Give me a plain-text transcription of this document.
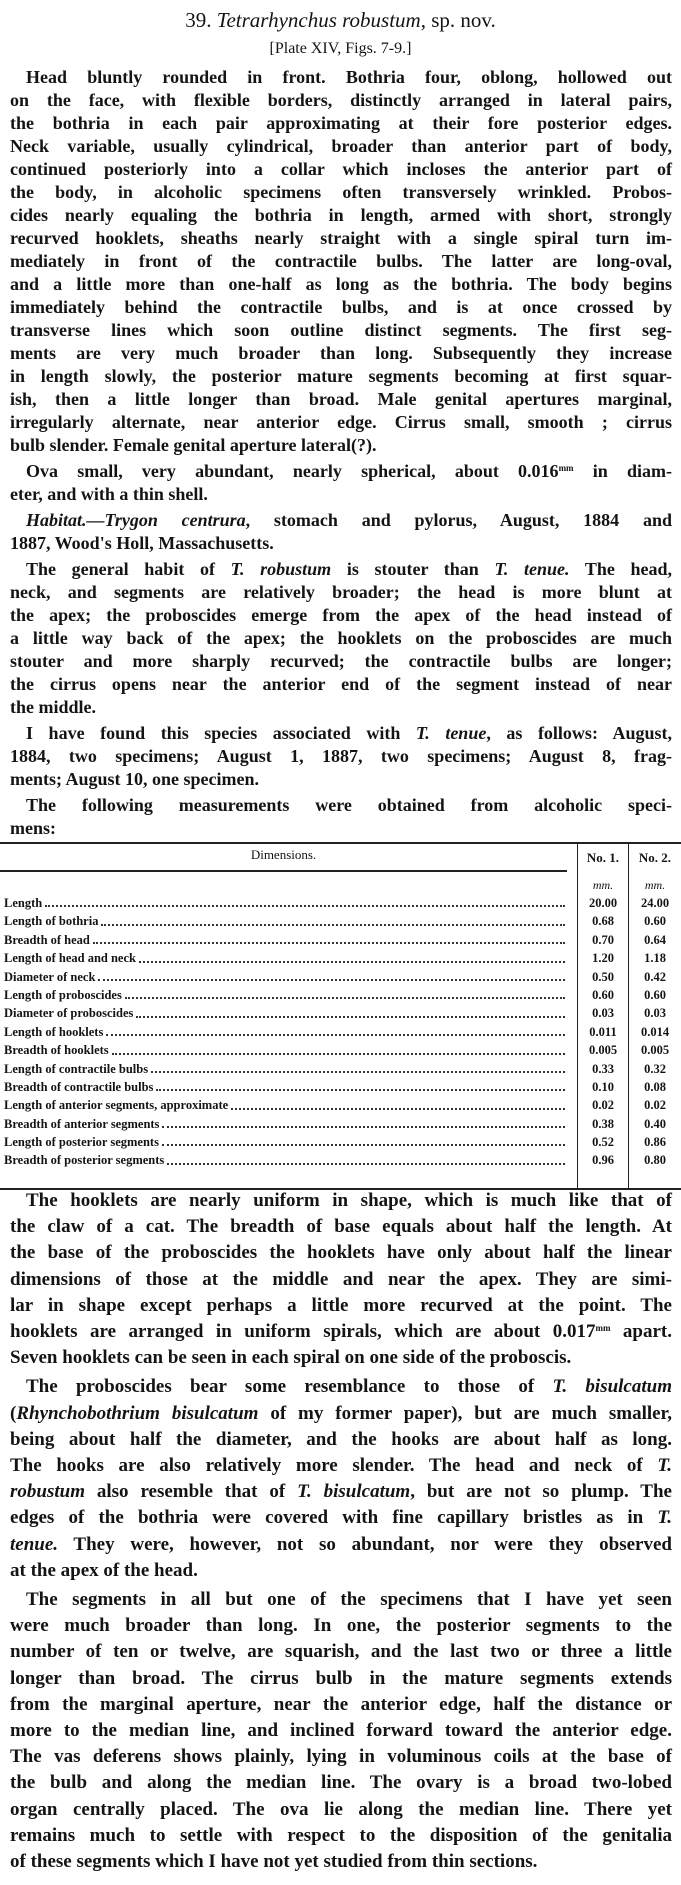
39. Tetrarhynchus robustum, sp. nov.
[Plate XIV, Figs. 7-9.]
Head bluntly rounded in front. Bothria four, oblong, hollowed out
on the face, with flexible borders, distinctly arranged in lateral pairs,
the bothria in each pair approximating at their fore posterior edges.
Neck variable, usually cylindrical, broader than anterior part of body,
continued posteriorly into a collar which incloses the anterior part of
the body, in alcoholic specimens often transversely wrinkled. Probos-
cides nearly equaling the bothria in length, armed with short, strongly
recurved hooklets, sheaths nearly straight with a single spiral turn im-
mediately in front of the contractile bulbs. The latter are long-oval,
and a little more than one-half as long as the bothria. The body begins
immediately behind the contractile bulbs, and is at once crossed by
transverse lines which soon outline distinct segments. The first seg-
ments are very much broader than long. Subsequently they increase
in length slowly, the posterior mature segments becoming at first squar-
ish, then a little longer than broad. Male genital apertures marginal,
irregularly alternate, near anterior edge. Cirrus small, smooth ; cirrus
bulb slender. Female genital aperture lateral(?).
Ova small, very abundant, nearly spherical, about $0.016^{mm}$ in diam-
eter, and with a thin shell.
Habitat.—Trygon centrura, stomach and pylorus, August, 1884 and
1887, Wood's Holl, Massachusetts.
The general habit of T. robustum is stouter than T. tenue. The head,
neck, and segments are relatively broader; the head is more blunt at
the apex; the proboscides emerge from the apex of the head instead of
a little way back of the apex; the hooklets on the proboscides are much
stouter and more sharply recurved; the contractile bulbs are longer;
the cirrus opens near the anterior end of the segment instead of near
the middle.
I have found this species associated with T. tenue, as follows: August,
1884, two specimens; August 1, 1887, two specimens; August 8, frag-
ments; August 10, one specimen.
The following measurements were obtained from alcoholic speci-
mens:
Dimensions.	No. 1.	No. 2.
mm.	mm.
Length	20.00	24.00
Length of bothria	0.68	0.60
Breadth of head	0.70	0.64
Length of head and neck	1.20	1.18
Diameter of neck	0.50	0.42
Length of proboscides	0.60	0.60
Diameter of proboscides	0.03	0.03
Length of hooklets	0.011	0.014
Breadth of hooklets	0.005	0.005
Length of contractile bulbs	0.33	0.32
Breadth of contractile bulbs	0.10	0.08
Length of anterior segments, approximate	0.02	0.02
Breadth of anterior segments	0.38	0.40
Length of posterior segments	0.52	0.86
Breadth of posterior segments	0.96	0.80
The hooklets are nearly uniform in shape, which is much like that of
the claw of a cat. The breadth of base equals about half the length. At
the base of the proboscides the hooklets have only about half the linear
dimensions of those at the middle and near the apex. They are simi-
lar in shape except perhaps a little more recurved at the point. The
hooklets are arranged in uniform spirals, which are about $0.017^{mm}$ apart.
Seven hooklets can be seen in each spiral on one side of the proboscis.
The proboscides bear some resemblance to those of T. bisulcatum
(Rhynchobothrium bisulcatum of my former paper), but are much smaller,
being about half the diameter, and the hooks are about half as long.
The hooks are also relatively more slender. The head and neck of T.
robustum also resemble that of T. bisulcatum, but are not so plump. The
edges of the bothria were covered with fine capillary bristles as in T.
tenue. They were, however, not so abundant, nor were they observed
at the apex of the head.
The segments in all but one of the specimens that I have yet seen
were much broader than long. In one, the posterior segments to the
number of ten or twelve, are squarish, and the last two or three a little
longer than broad. The cirrus bulb in the mature segments extends
from the marginal aperture, near the anterior edge, half the distance or
more to the median line, and inclined forward toward the anterior edge.
The vas deferens shows plainly, lying in voluminous coils at the base of
the bulb and along the median line. The ovary is a broad two-lobed
organ centrally placed. The ova lie along the median line. There yet
remains much to settle with respect to the disposition of the genitalia
of these segments which I have not yet studied from thin sections.
